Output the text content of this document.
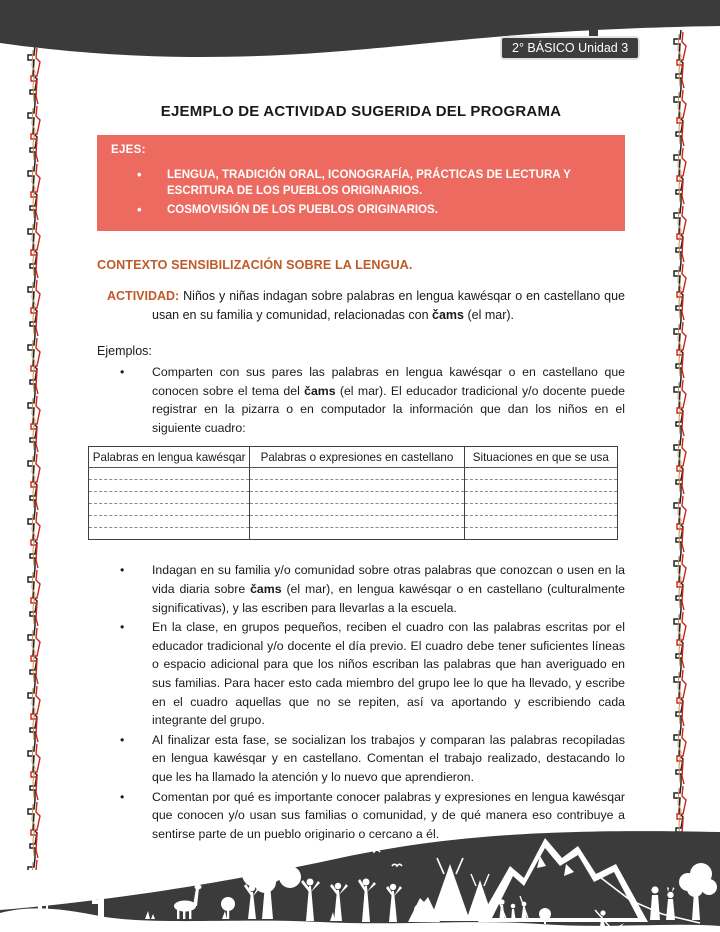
2° BÁSICO Unidad 3
EJEMPLO DE ACTIVIDAD SUGERIDA DEL PROGRAMA
EJES:
• LENGUA, TRADICIÓN ORAL, ICONOGRAFÍA, PRÁCTICAS DE LECTURA Y ESCRITURA DE LOS PUEBLOS ORIGINARIOS.
• COSMOVISIÓN DE LOS PUEBLOS ORIGINARIOS.
CONTEXTO SENSIBILIZACIÓN SOBRE LA LENGUA.

ACTIVIDAD: Niños y niñas indagan sobre palabras en lengua kawésqar o en castellano que usan en su familia y comunidad, relacionadas con čams (el mar).

Ejemplos:
• Comparten con sus pares las palabras en lengua kawésqar o en castellano que conocen sobre el tema del čams (el mar). El educador tradicional y/o docente puede registrar en la pizarra o en computador la información que dan los niños en el siguiente cuadro:
Palabras en lengua kawésqar	Palabras o expresiones en castellano	Situaciones en que se usa

• Indagan en su familia y/o comunidad sobre otras palabras que conozcan o usen en la vida diaria sobre čams (el mar), en lengua kawésqar o en castellano (culturalmente significativas), y las escriben para llevarlas a la escuela.
• En la clase, en grupos pequeños, reciben el cuadro con las palabras escritas por el educador tradicional y/o docente el día previo. El cuadro debe tener suficientes líneas o espacio adicional para que los niños escriban las palabras que han averiguado en sus familias. Para hacer esto cada miembro del grupo lee lo que ha llevado, y escribe en el cuadro aquellas que no se repiten, así va aportando y escribiendo cada integrante del grupo.
• Al finalizar esta fase, se socializan los trabajos y comparan las palabras recopiladas en lengua kawésqar y en castellano. Comentan el trabajo realizado, destacando lo que les ha llamado la atención y lo nuevo que aprendieron.
• Comentan por qué es importante conocer palabras y expresiones en lengua kawésqar que conocen y/o usan sus familias o comunidad, y de qué manera eso contribuye a sentirse parte de un pueblo originario o cercano a él.
